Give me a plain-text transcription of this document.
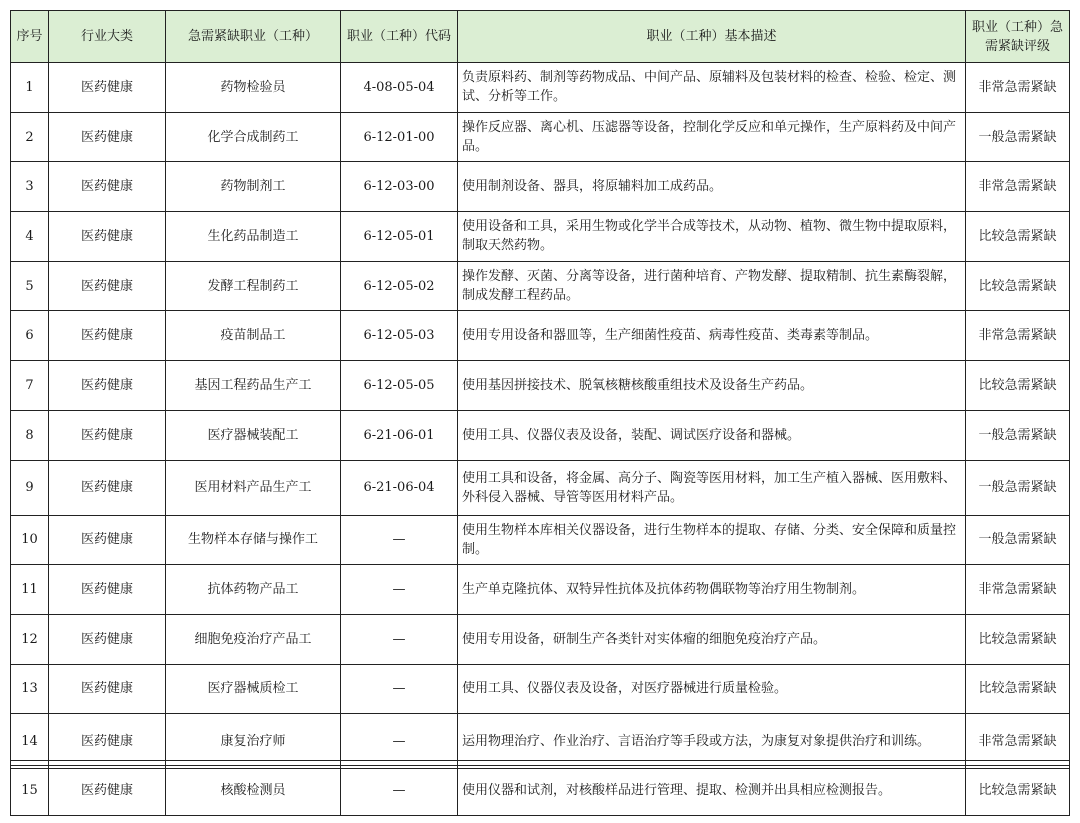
序号	行业大类	急需紧缺职业（工种）	职业（工种）代码	职业（工种）基本描述	职业（工种）急需紧缺评级
1	医药健康	药物检验员	4-08-05-04	负责原料药、制剂等药物成品、中间产品、原辅料及包装材料的检查、检验、检定、测试、分析等工作。	非常急需紧缺
2	医药健康	化学合成制药工	6-12-01-00	操作反应器、离心机、压滤器等设备，控制化学反应和单元操作，生产原料药及中间产品。	一般急需紧缺
3	医药健康	药物制剂工	6-12-03-00	使用制剂设备、器具，将原辅料加工成药品。	非常急需紧缺
4	医药健康	生化药品制造工	6-12-05-01	使用设备和工具，采用生物或化学半合成等技术，从动物、植物、微生物中提取原料，制取天然药物。	比较急需紧缺
5	医药健康	发酵工程制药工	6-12-05-02	操作发酵、灭菌、分离等设备，进行菌种培育、产物发酵、提取精制、抗生素酶裂解，制成发酵工程药品。	比较急需紧缺
6	医药健康	疫苗制品工	6-12-05-03	使用专用设备和器皿等，生产细菌性疫苗、病毒性疫苗、类毒素等制品。	非常急需紧缺
7	医药健康	基因工程药品生产工	6-12-05-05	使用基因拼接技术、脱氧核糖核酸重组技术及设备生产药品。	比较急需紧缺
8	医药健康	医疗器械装配工	6-21-06-01	使用工具、仪器仪表及设备，装配、调试医疗设备和器械。	一般急需紧缺
9	医药健康	医用材料产品生产工	6-21-06-04	使用工具和设备，将金属、高分子、陶瓷等医用材料，加工生产植入器械、医用敷料、外科侵入器械、导管等医用材料产品。	一般急需紧缺
10	医药健康	生物样本存储与操作工	—	使用生物样本库相关仪器设备，进行生物样本的提取、存储、分类、安全保障和质量控制。	一般急需紧缺
11	医药健康	抗体药物产品工	—	生产单克隆抗体、双特异性抗体及抗体药物偶联物等治疗用生物制剂。	非常急需紧缺
12	医药健康	细胞免疫治疗产品工	—	使用专用设备，研制生产各类针对实体瘤的细胞免疫治疗产品。	比较急需紧缺
13	医药健康	医疗器械质检工	—	使用工具、仪器仪表及设备，对医疗器械进行质量检验。	比较急需紧缺
14	医药健康	康复治疗师	—	运用物理治疗、作业治疗、言语治疗等手段或方法，为康复对象提供治疗和训练。	非常急需紧缺
15	医药健康	核酸检测员	—	使用仪器和试剂，对核酸样品进行管理、提取、检测并出具相应检测报告。	比较急需紧缺
